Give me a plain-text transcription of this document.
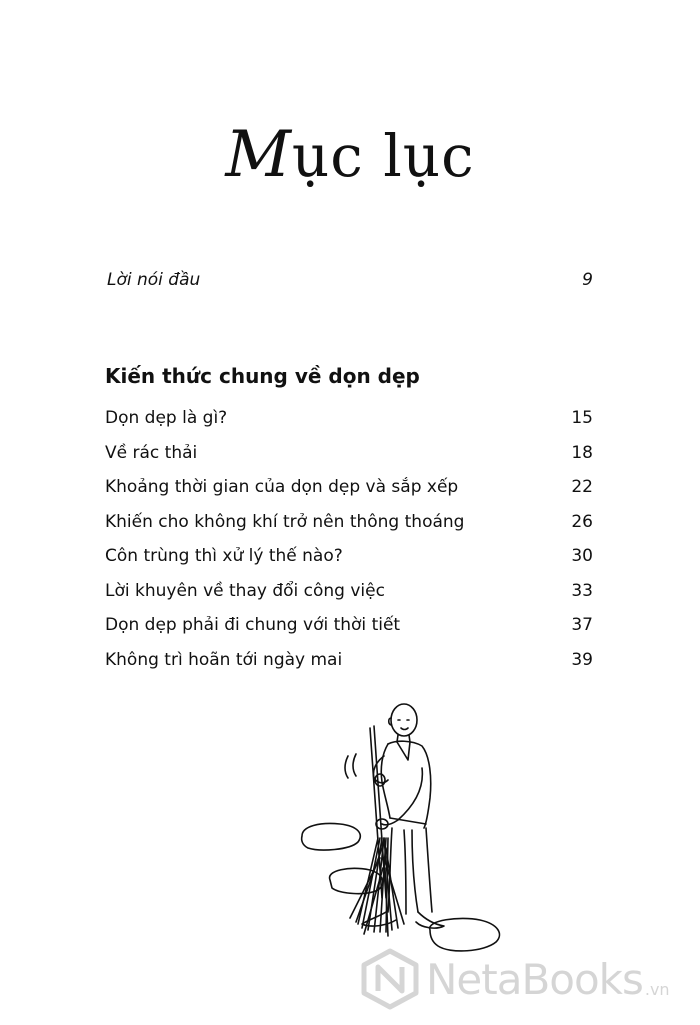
Mục lục
Lời nói đầu	9
Kiến thức chung về dọn dẹp
Dọn dẹp là gì?	15
Về rác thải	18
Khoảng thời gian của dọn dẹp và sắp xếp	22
Khiến cho không khí trở nên thông thoáng	26
Côn trùng thì xử lý thế nào?	30
Lời khuyên về thay đổi công việc	33
Dọn dẹp phải đi chung với thời tiết	37
Không trì hoãn tới ngày mai	39
NetaBooks .vn
